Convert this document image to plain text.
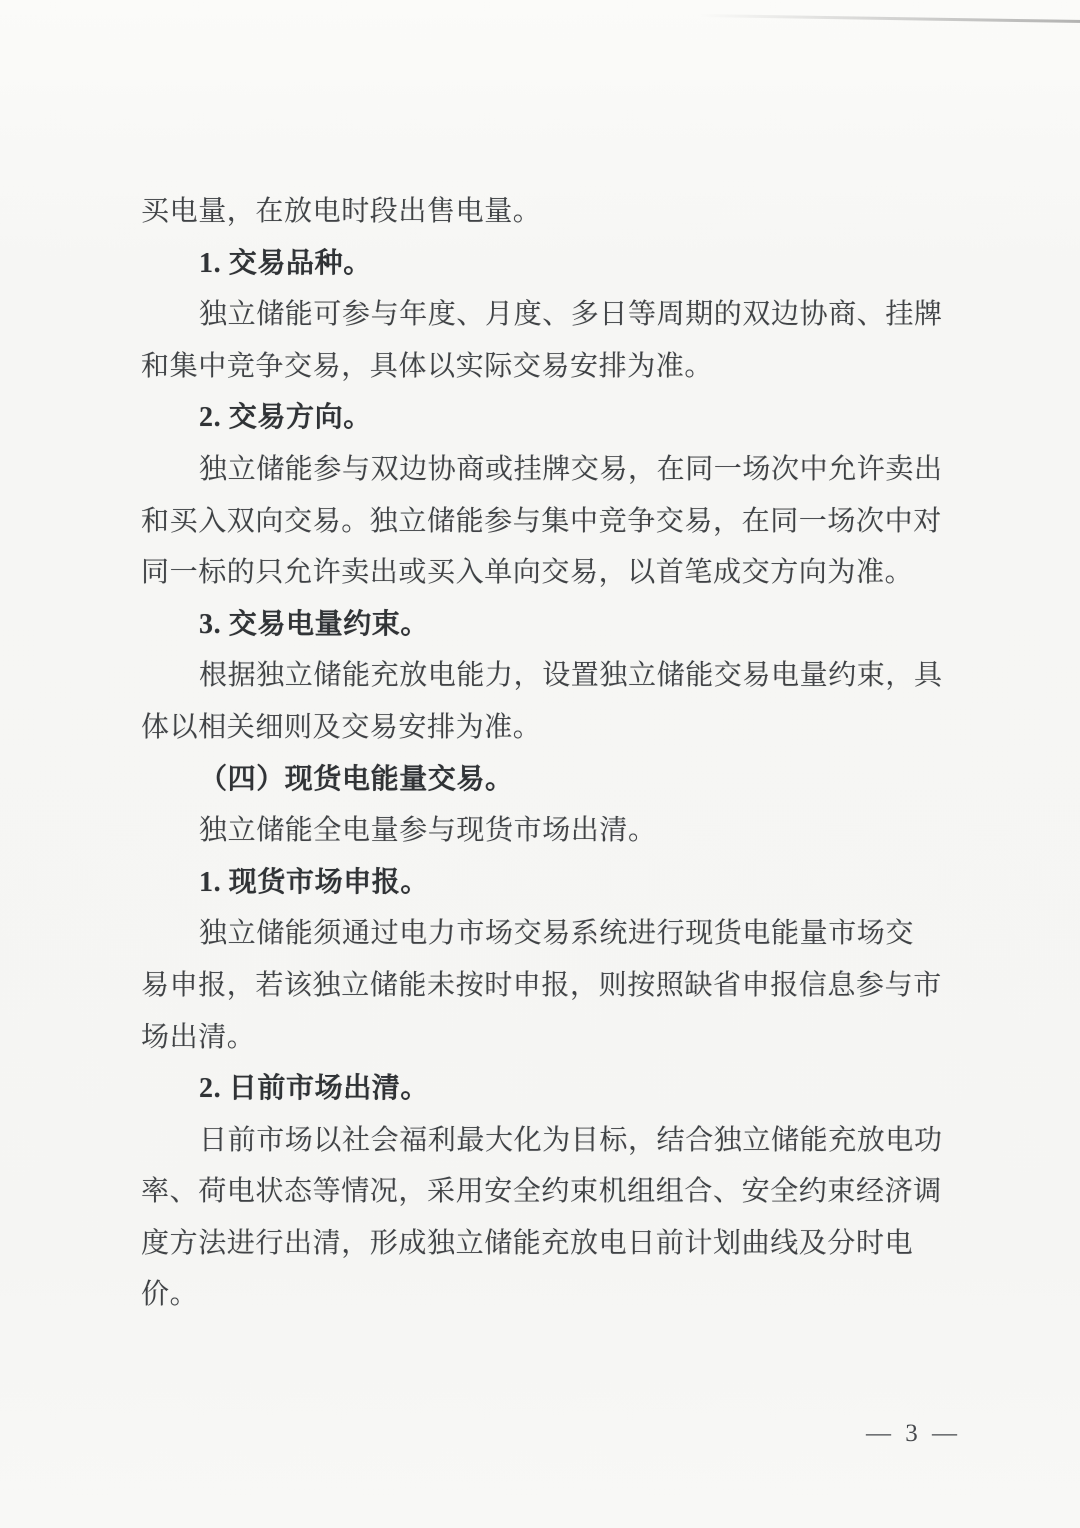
买电量，在放电时段出售电量。
1. 交易品种。
独立储能可参与年度、月度、多日等周期的双边协商、挂牌
和集中竞争交易，具体以实际交易安排为准。
2. 交易方向。
独立储能参与双边协商或挂牌交易，在同一场次中允许卖出
和买入双向交易。独立储能参与集中竞争交易，在同一场次中对
同一标的只允许卖出或买入单向交易，以首笔成交方向为准。
3. 交易电量约束。
根据独立储能充放电能力，设置独立储能交易电量约束，具
体以相关细则及交易安排为准。
（四）现货电能量交易。
独立储能全电量参与现货市场出清。
1. 现货市场申报。
独立储能须通过电力市场交易系统进行现货电能量市场交
易申报，若该独立储能未按时申报，则按照缺省申报信息参与市
场出清。
2. 日前市场出清。
日前市场以社会福利最大化为目标，结合独立储能充放电功
率、荷电状态等情况，采用安全约束机组组合、安全约束经济调
度方法进行出清，形成独立储能充放电日前计划曲线及分时电
价。
— 3 —
